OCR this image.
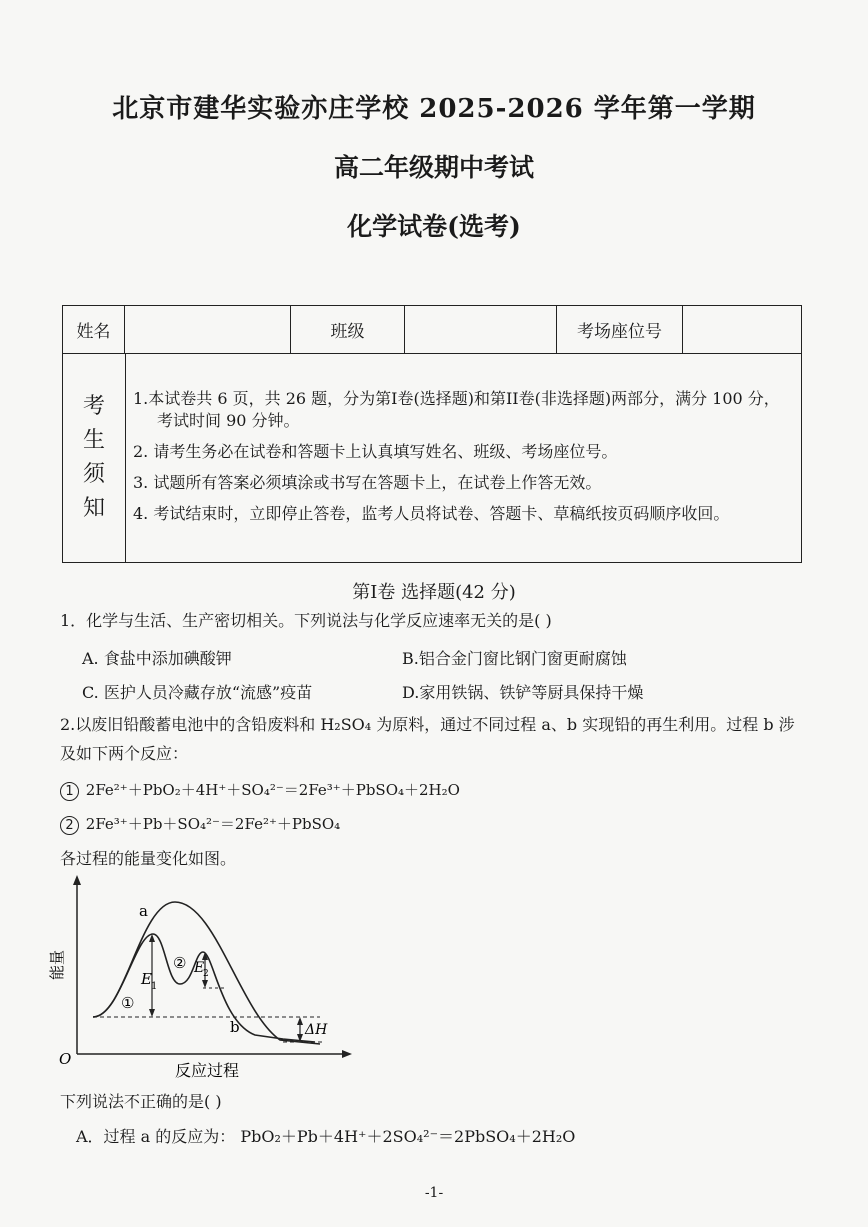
北京市建华实验亦庄学校 2025-2026 学年第一学期
高二年级期中考试
化学试卷(选考)
姓名	班级	考场座位号
考
生
须
知
1.本试卷共 6 页，共 26 题，分为第I卷(选择题)和第II卷(非选择题)两部分，满分 100 分，
考试时间 90 分钟。
2. 请考生务必在试卷和答题卡上认真填写姓名、班级、考场座位号。
3. 试题所有答案必须填涂或书写在答题卡上，在试卷上作答无效。
4. 考试结束时，立即停止答卷，监考人员将试卷、答题卡、草稿纸按页码顺序收回。
第I卷 选择题(42 分)
1．化学与生活、生产密切相关。下列说法与化学反应速率无关的是( )
A. 食盐中添加碘酸钾	B.铝合金门窗比钢门窗更耐腐蚀
C. 医护人员冷藏存放“流感”疫苗	D.家用铁锅、铁铲等厨具保持干燥
2.以废旧铅酸蓄电池中的含铅废料和 H₂SO₄ 为原料，通过不同过程 a、b 实现铅的再生利用。过程 b 涉
及如下两个反应：
1 2Fe²⁺＋PbO₂＋4H⁺＋SO₄²⁻＝2Fe³⁺＋PbSO₄＋2H₂O
2 2Fe³⁺＋Pb＋SO₄²⁻＝2Fe²⁺＋PbSO₄
各过程的能量变化如图。
O
能量
反应过程
a
b
①
②
E 1
E
2
ΔH
下列说法不正确的是( )
A．过程 a 的反应为： PbO₂＋Pb＋4H⁺＋2SO₄²⁻＝2PbSO₄＋2H₂O
-1-
